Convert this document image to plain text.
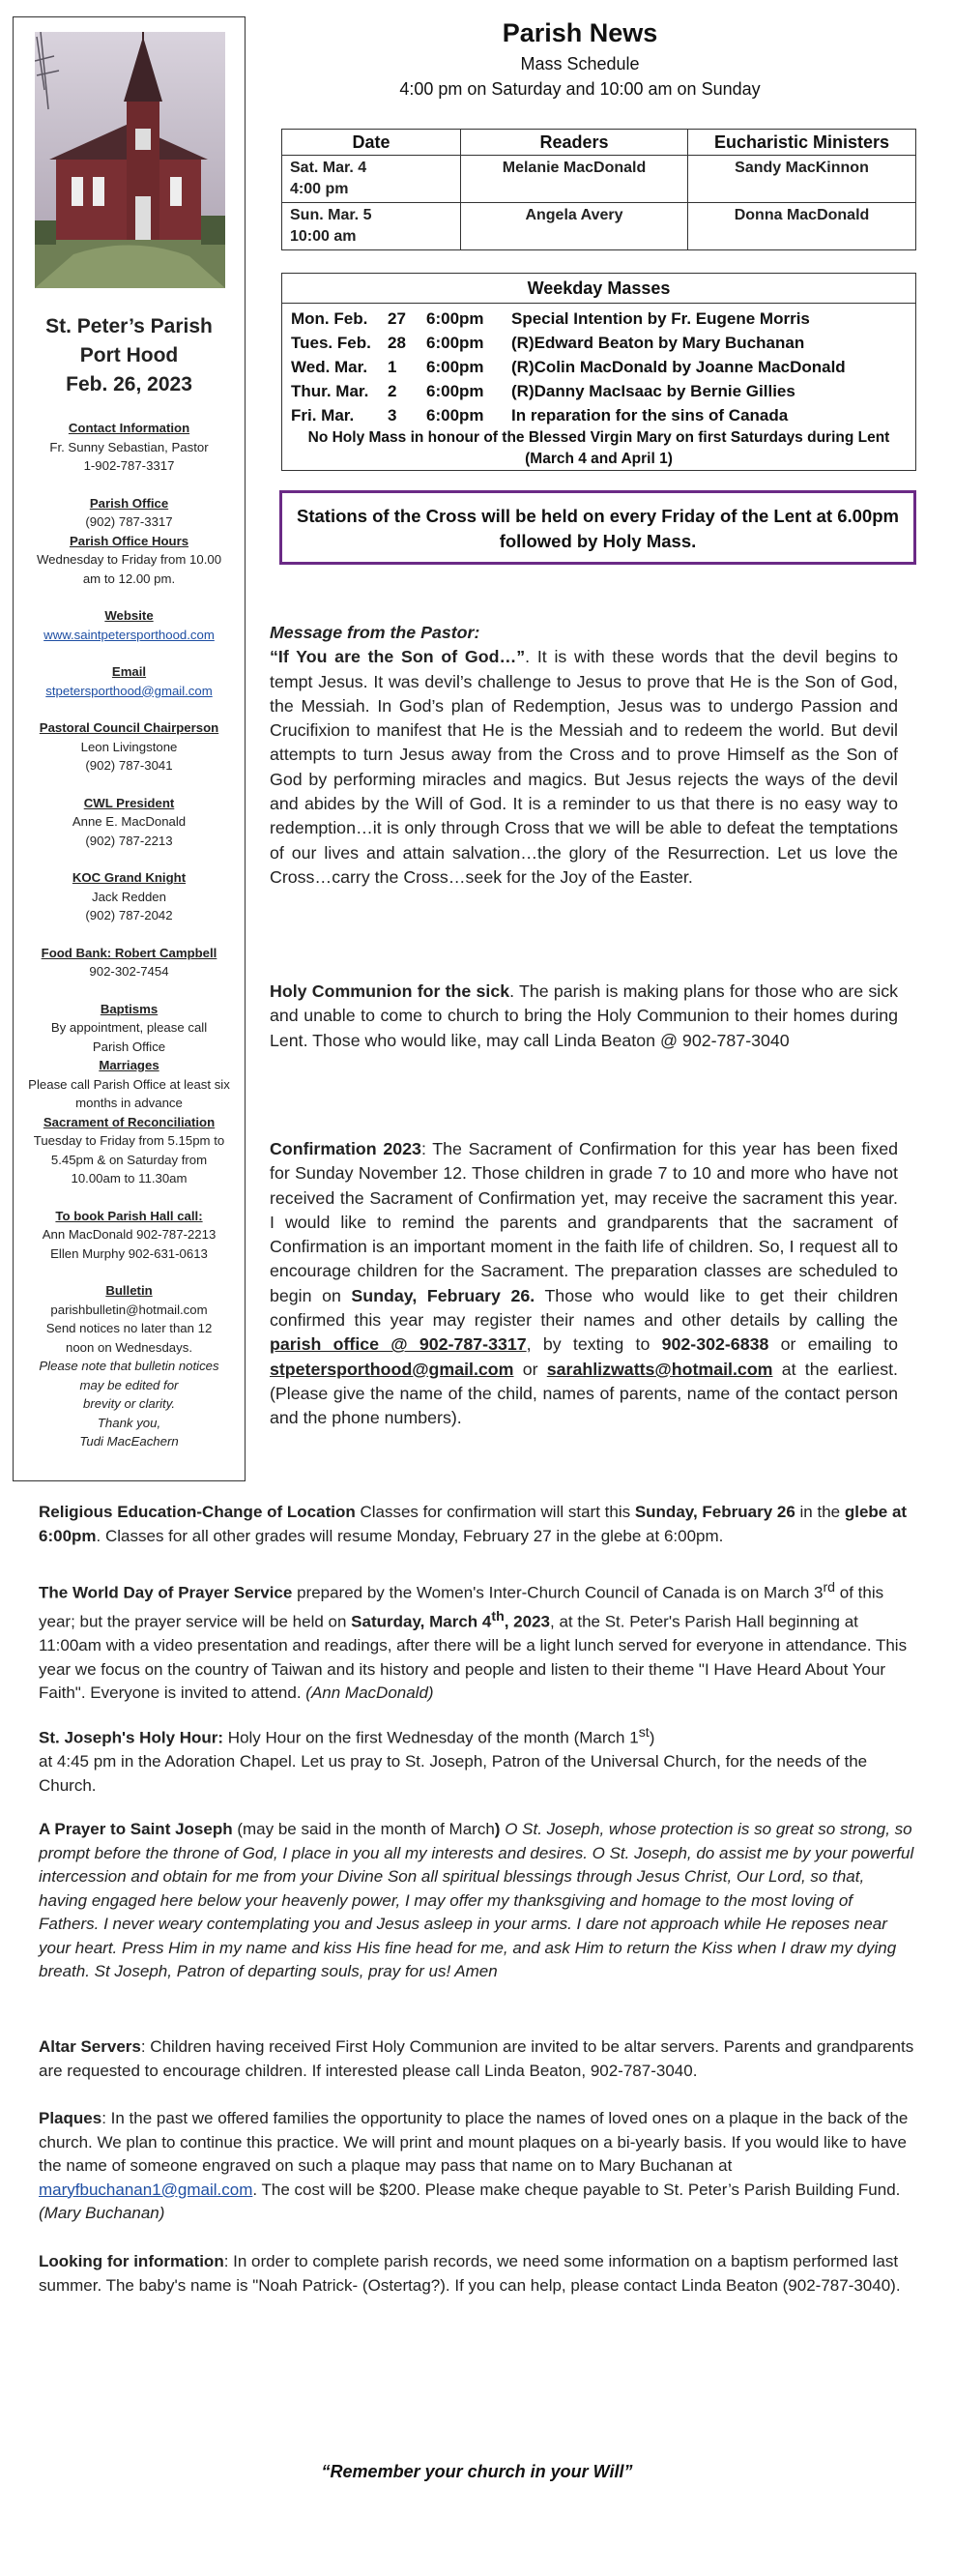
St. Peter’s Parish
Port Hood
Feb. 26, 2023
Contact Information
Fr. Sunny Sebastian, Pastor
1-902-787-3317
Parish Office
(902) 787-3317
Parish Office Hours
Wednesday to Friday from 10.00
am to 12.00 pm.
Website
www.saintpetersporthood.com
Email
stpetersporthood@gmail.com
Pastoral Council Chairperson
Leon Livingstone
(902) 787-3041
CWL President
Anne E. MacDonald
(902) 787-2213
KOC Grand Knight
Jack Redden
(902) 787-2042
Food Bank: Robert Campbell
902-302-7454
Baptisms
By appointment, please call
Parish Office
Marriages
Please call Parish Office at least six
months in advance
Sacrament of Reconciliation
Tuesday to Friday from 5.15pm to
5.45pm & on Saturday from
10.00am to 11.30am
To book Parish Hall call:
Ann MacDonald 902-787-2213
Ellen Murphy 902-631-0613
Bulletin
parishbulletin@hotmail.com
Send notices no later than 12
noon on Wednesdays.
Please note that bulletin notices
may be edited for
brevity or clarity.
Thank you,
Tudi MacEachern
Parish News
Mass Schedule
4:00 pm on Saturday and 10:00 am on Sunday
Date	Readers	Eucharistic Ministers

Sat. Mar. 4
4:00 pm	Melanie MacDonald	Sandy MacKinnon

Sun. Mar. 5
10:00 am	Angela Avery	Donna MacDonald
Weekday Masses
Mon. Feb. 27 6:00pm Special Intention by Fr. Eugene Morris
Tues. Feb. 28 6:00pm (R)Edward Beaton by Mary Buchanan
Wed. Mar. 1 6:00pm (R)Colin MacDonald by Joanne MacDonald
Thur. Mar. 2 6:00pm (R)Danny MacIsaac by Bernie Gillies
Fri. Mar. 3 6:00pm In reparation for the sins of Canada
No Holy Mass in honour of the Blessed Virgin Mary on first Saturdays during Lent
(March 4 and April 1)
Stations of the Cross will be held on every Friday of the Lent at 6.00pm
followed by Holy Mass.
Message from the Pastor:
“If You are the Son of God…”. It is with these words that the devil begins to tempt Jesus. It was devil’s challenge to Jesus to prove that He is the Son of God, the Messiah. In God’s plan of Redemption, Jesus was to undergo Passion and Crucifixion to manifest that He is the Messiah and to redeem the world. But devil attempts to turn Jesus away from the Cross and to prove Himself as the Son of God by performing miracles and magics. But Jesus rejects the ways of the devil and abides by the Will of God. It is a reminder to us that there is no easy way to redemption…it is only through Cross that we will be able to defeat the temptations of our lives and attain salvation…the glory of the Resurrection. Let us love the Cross…carry the Cross…seek for the Joy of the Easter.
Holy Communion for the sick. The parish is making plans for those who are sick and unable to come to church to bring the Holy Communion to their homes during Lent. Those who would like, may call Linda Beaton @ 902-787-3040
Confirmation 2023: The Sacrament of Confirmation for this year has been fixed for Sunday November 12. Those children in grade 7 to 10 and more who have not received the Sacrament of Confirmation yet, may receive the sacrament this year. I would like to remind the parents and grandparents that the sacrament of Confirmation is an important moment in the faith life of children. So, I request all to encourage children for the Sacrament. The preparation classes are scheduled to begin on Sunday, February 26. Those who would like to get their children confirmed this year may register their names and other details by calling the parish office @ 902-787-3317, by texting to 902-302-6838 or emailing to stpetersporthood@gmail.com or sarahlizwatts@hotmail.com at the earliest. (Please give the name of the child, names of parents, name of the contact person and the phone numbers).
Religious Education-Change of Location Classes for confirmation will start this Sunday, February 26 in the glebe at 6:00pm. Classes for all other grades will resume Monday, February 27 in the glebe at 6:00pm.
The World Day of Prayer Service prepared by the Women's Inter-Church Council of Canada is on March 3rd of this year; but the prayer service will be held on Saturday, March 4th, 2023, at the St. Peter's Parish Hall beginning at 11:00am with a video presentation and readings, after there will be a light lunch served for everyone in attendance. This year we focus on the country of Taiwan and its history and people and listen to their theme "I Have Heard About Your Faith". Everyone is invited to attend. (Ann MacDonald)
St. Joseph's Holy Hour: Holy Hour on the first Wednesday of the month (March 1st)
at 4:45 pm in the Adoration Chapel. Let us pray to St. Joseph, Patron of the Universal Church, for the needs of the Church.
A Prayer to Saint Joseph (may be said in the month of March) O St. Joseph, whose protection is so great so strong, so prompt before the throne of God, I place in you all my interests and desires. O St. Joseph, do assist me by your powerful intercession and obtain for me from your Divine Son all spiritual blessings through Jesus Christ, Our Lord, so that, having engaged here below your heavenly power, I may offer my thanksgiving and homage to the most loving of Fathers. I never weary contemplating you and Jesus asleep in your arms. I dare not approach while He reposes near your heart. Press Him in my name and kiss His fine head for me, and ask Him to return the Kiss when I draw my dying breath. St Joseph, Patron of departing souls, pray for us! Amen
Altar Servers: Children having received First Holy Communion are invited to be altar servers. Parents and grandparents are requested to encourage children. If interested please call Linda Beaton, 902-787-3040.
Plaques: In the past we offered families the opportunity to place the names of loved ones on a plaque in the back of the church. We plan to continue this practice. We will print and mount plaques on a bi-yearly basis. If you would like to have the name of someone engraved on such a plaque may pass that name on to Mary Buchanan at maryfbuchanan1@gmail.com. The cost will be $200. Please make cheque payable to St. Peter’s Parish Building Fund. (Mary Buchanan)
Looking for information: In order to complete parish records, we need some information on a baptism performed last summer. The baby's name is "Noah Patrick- (Ostertag?). If you can help, please contact Linda Beaton (902-787-3040).
“Remember your church in your Will”
